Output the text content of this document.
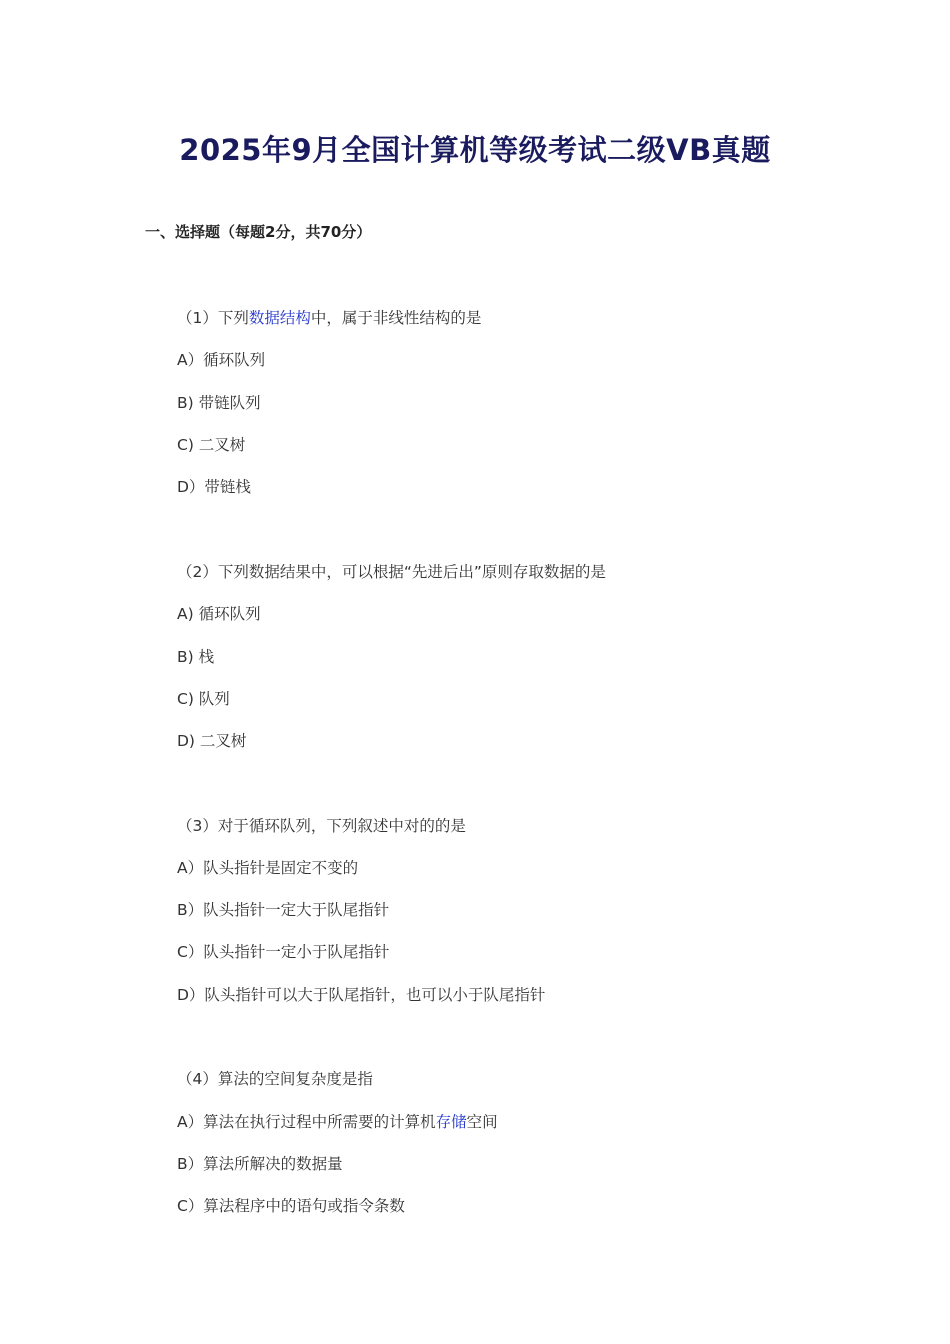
2025年9月全国计算机等级考试二级VB真题
一、选择题（每题2分，共70分）
（1）下列数据结构中，属于非线性结构的是
A）循环队列
B) 带链队列
C) 二叉树
D）带链栈
（2）下列数据结果中，可以根据“先进后出”原则存取数据的是
A) 循环队列
B) 栈
C) 队列
D) 二叉树
（3）对于循环队列，下列叙述中对的的是
A）队头指针是固定不变的
B）队头指针一定大于队尾指针
C）队头指针一定小于队尾指针
D）队头指针可以大于队尾指针，也可以小于队尾指针
（4）算法的空间复杂度是指
A）算法在执行过程中所需要的计算机存储空间
B）算法所解决的数据量
C）算法程序中的语句或指令条数
